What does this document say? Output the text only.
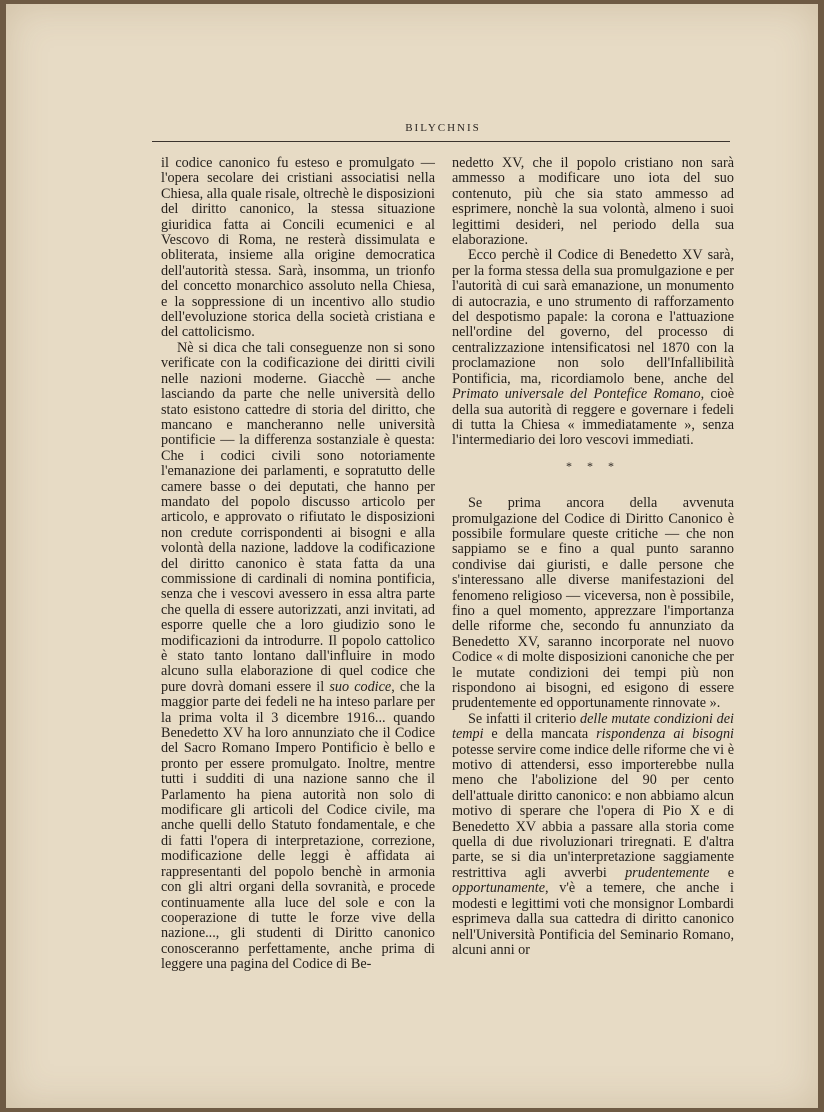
BILYCHNIS

il codice canonico fu esteso e promulgato — l'opera secolare dei cristiani associatisi nella Chiesa, alla quale risale, oltrechè le disposizioni del diritto canonico, la stessa situazione giuridica fatta ai Concili ecumenici e al Vescovo di Roma, ne resterà dissimulata e obliterata, insieme alla origine democratica dell'autorità stessa. Sarà, insomma, un trionfo del concetto monarchico assoluto nella Chiesa, e la soppressione di un incentivo allo studio dell'evoluzione storica della società cristiana e del cattolicismo.

Nè si dica che tali conseguenze non si sono verificate con la codificazione dei diritti civili nelle nazioni moderne. Giacchè — anche lasciando da parte che nelle università dello stato esistono cattedre di storia del diritto, che mancano e mancheranno nelle università pontificie — la differenza sostanziale è questa: Che i codici civili sono notoriamente l'emanazione dei parlamenti, e sopratutto delle camere basse o dei deputati, che hanno per mandato del popolo discusso articolo per articolo, e approvato o rifiutato le disposizioni non credute corrispondenti ai bisogni e alla volontà della nazione, laddove la codificazione del diritto canonico è stata fatta da una commissione di cardinali di nomina pontificia, senza che i vescovi avessero in essa altra parte che quella di essere autorizzati, anzi invitati, ad esporre quelle che a loro giudizio sono le modificazioni da introdurre. Il popolo cattolico è stato tanto lontano dall'influire in modo alcuno sulla elaborazione di quel codice che pure dovrà domani essere il suo codice, che la maggior parte dei fedeli ne ha inteso parlare per la prima volta il 3 dicembre 1916... quando Benedetto XV ha loro annunziato che il Codice del Sacro Romano Impero Pontificio è bello e pronto per essere promulgato. Inoltre, mentre tutti i sudditi di una nazione sanno che il Parlamento ha piena autorità non solo di modificare gli articoli del Codice civile, ma anche quelli dello Statuto fondamentale, e che di fatti l'opera di interpretazione, correzione, modificazione delle leggi è affidata ai rappresentanti del popolo benchè in armonia con gli altri organi della sovranità, e procede continuamente alla luce del sole e con la cooperazione di tutte le forze vive della nazione..., gli studenti di Diritto canonico conosceranno perfettamente, anche prima di leggere una pagina del Codice di Be-

nedetto XV, che il popolo cristiano non sarà ammesso a modificare uno iota del suo contenuto, più che sia stato ammesso ad esprimere, nonchè la sua volontà, almeno i suoi legittimi desideri, nel periodo della sua elaborazione.

Ecco perchè il Codice di Benedetto XV sarà, per la forma stessa della sua promulgazione e per l'autorità di cui sarà emanazione, un monumento di autocrazia, e uno strumento di rafforzamento del despotismo papale: la corona e l'attuazione nell'ordine del governo, del processo di centralizzazione intensificatosi nel 1870 con la proclamazione non solo dell'Infallibilità Pontificia, ma, ricordiamolo bene, anche del Primato universale del Pontefice Romano, cioè della sua autorità di reggere e governare i fedeli di tutta la Chiesa « immediatamente », senza l'intermediario dei loro vescovi immediati.

* * *

Se prima ancora della avvenuta promulgazione del Codice di Diritto Canonico è possibile formulare queste critiche — che non sappiamo se e fino a qual punto saranno condivise dai giuristi, e dalle persone che s'interessano alle diverse manifestazioni del fenomeno religioso — viceversa, non è possibile, fino a quel momento, apprezzare l'importanza delle riforme che, secondo fu annunziato da Benedetto XV, saranno incorporate nel nuovo Codice « di molte disposizioni canoniche che per le mutate condizioni dei tempi più non rispondono ai bisogni, ed esigono di essere prudentemente ed opportunamente rinnovate ».

Se infatti il criterio delle mutate condizioni dei tempi e della mancata rispondenza ai bisogni potesse servire come indice delle riforme che vi è motivo di attendersi, esso importerebbe nulla meno che l'abolizione del 90 per cento dell'attuale diritto canonico: e non abbiamo alcun motivo di sperare che l'opera di Pio X e di Benedetto XV abbia a passare alla storia come quella di due rivoluzionari triregnati. E d'altra parte, se si dia un'interpretazione saggiamente restrittiva agli avverbi prudentemente e opportunamente, v'è a temere, che anche i modesti e legittimi voti che monsignor Lombardi esprimeva dalla sua cattedra di diritto canonico nell'Università Pontificia del Seminario Romano, alcuni anni or
